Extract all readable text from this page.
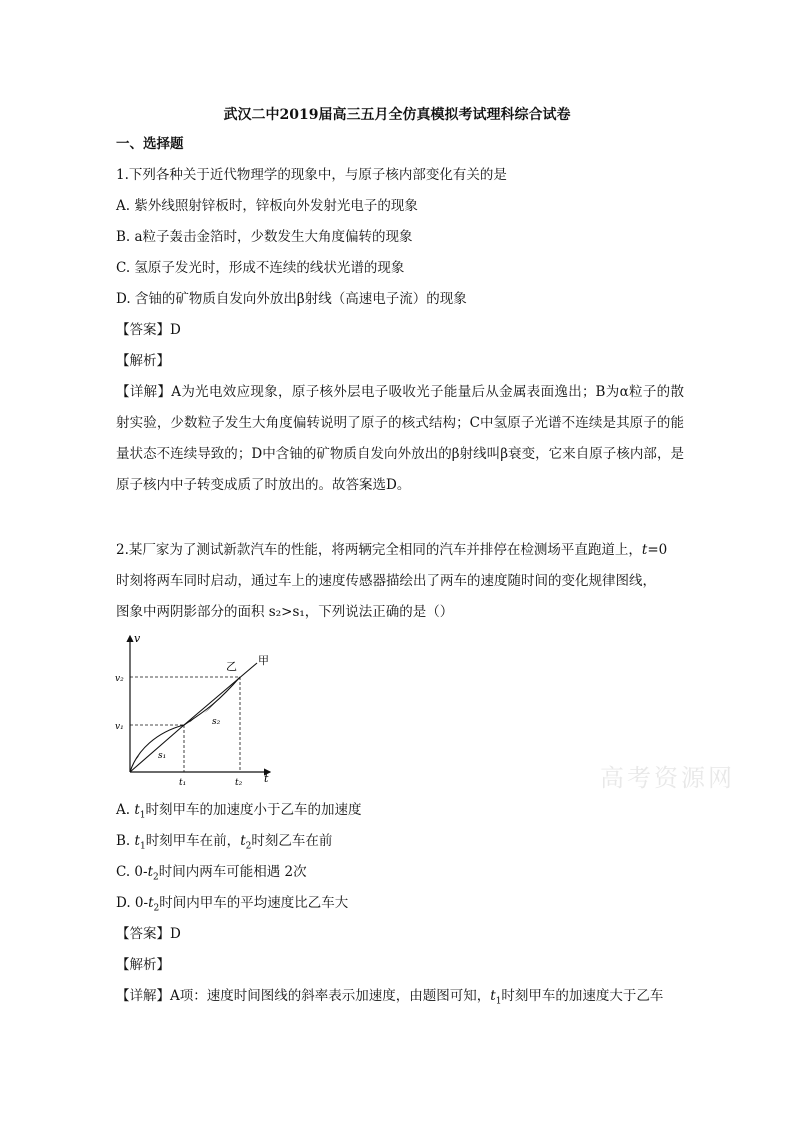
武汉二中2019届高三五月全仿真模拟考试理科综合试卷
一、选择题
1.下列各种关于近代物理学的现象中，与原子核内部变化有关的是
A. 紫外线照射锌板时，锌板向外发射光电子的现象
B. a粒子轰击金箔时，少数发生大角度偏转的现象
C. 氢原子发光时，形成不连续的线状光谱的现象
D. 含铀的矿物质自发向外放出β射线（高速电子流）的现象
【答案】D
【解析】
【详解】A为光电效应现象，原子核外层电子吸收光子能量后从金属表面逸出；B为α粒子的散射实验，少数粒子发生大角度偏转说明了原子的核式结构；C中氢原子光谱不连续是其原子的能量状态不连续导致的；D中含铀的矿物质自发向外放出的β射线叫β衰变，它来自原子核内部，是原子核内中子转变成质了时放出的。故答案选D。
2.某厂家为了测试新款汽车的性能，将两辆完全相同的汽车并排停在检测场平直跑道上，t=0
时刻将两车同时启动，通过车上的速度传感器描绘出了两车的速度随时间的变化规律图线，
图象中两阴影部分的面积 s₂>s₁，下列说法正确的是（）
v
t
v₁
v₂
t₁	t₂
s₁
s₂
乙 甲
高考资源网
A. $t_1$时刻甲车的加速度小于乙车的加速度
B. $t_1$时刻甲车在前，$t_2$时刻乙车在前
C. $0-t_2$时间内两车可能相遇 2次
D. $0-t_2$时间内甲车的平均速度比乙车大
【答案】D
【解析】
【详解】A项：速度时间图线的斜率表示加速度，由题图可知，$t_1$时刻甲车的加速度大于乙车
